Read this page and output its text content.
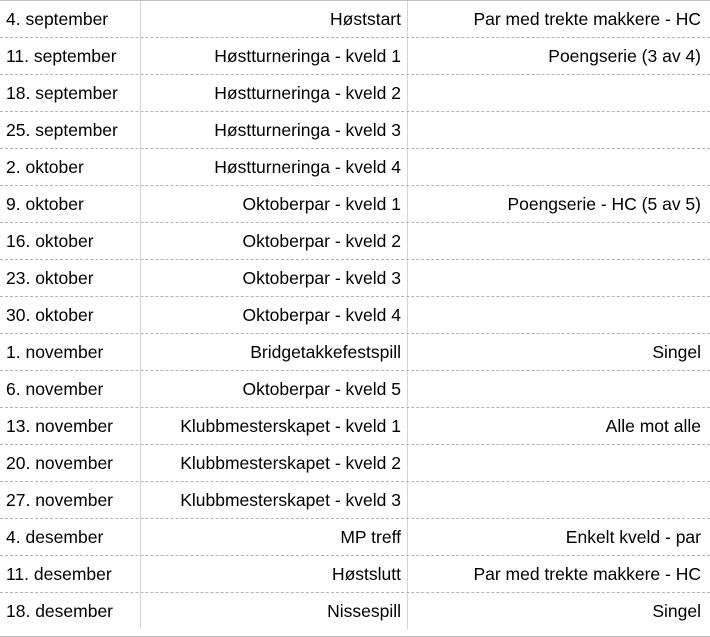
4. september	Høststart	Par med trekte makkere - HC
11. september	Høstturneringa - kveld 1	Poengserie (3 av 4)
18. september	Høstturneringa - kveld 2
25. september	Høstturneringa - kveld 3
2. oktober	Høstturneringa - kveld 4
9. oktober	Oktoberpar - kveld 1	Poengserie - HC (5 av 5)
16. oktober	Oktoberpar - kveld 2
23. oktober	Oktoberpar - kveld 3
30. oktober	Oktoberpar - kveld 4
1. november	Bridgetakkefestspill	Singel
6. november	Oktoberpar - kveld 5
13. november	Klubbmesterskapet - kveld 1	Alle mot alle
20. november	Klubbmesterskapet - kveld 2
27. november	Klubbmesterskapet - kveld 3
4. desember	MP treff	Enkelt kveld - par
11. desember	Høstslutt	Par med trekte makkere - HC
18. desember	Nissespill	Singel
